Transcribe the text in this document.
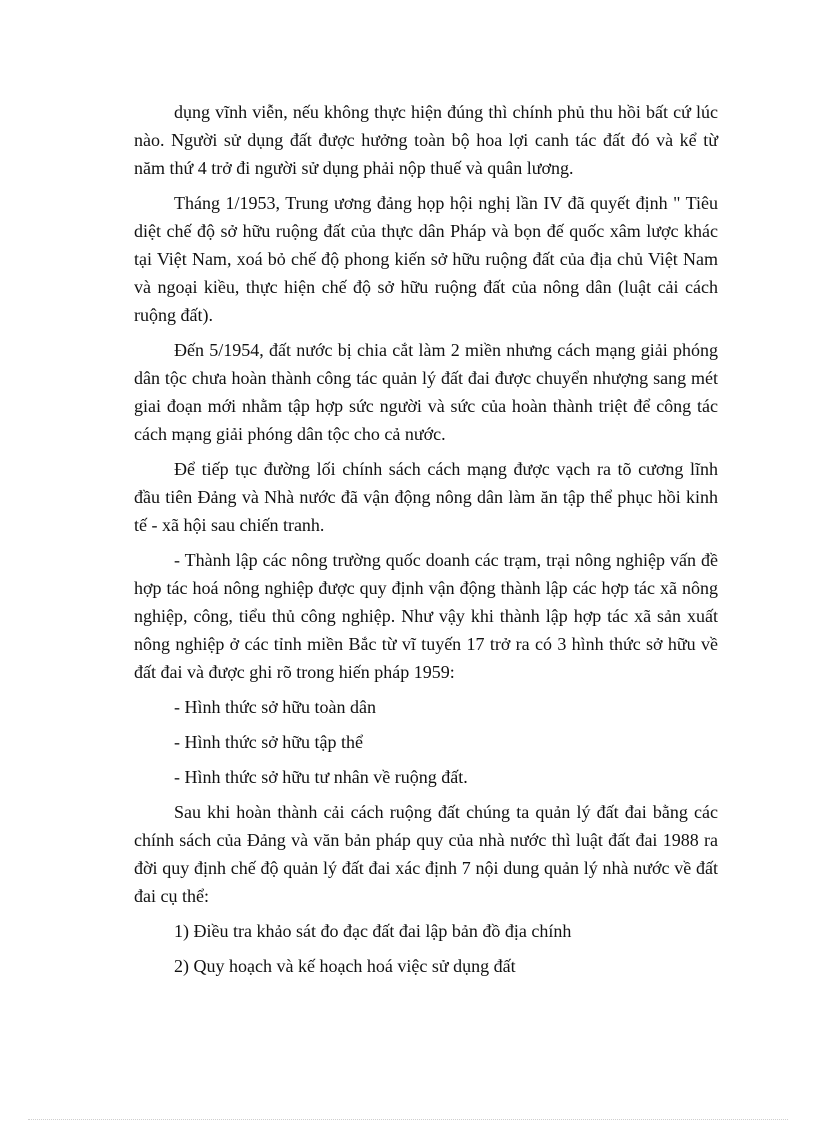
dụng vĩnh viễn, nếu không thực hiện đúng thì chính phủ thu hồi bất cứ lúc nào. Người sử dụng đất được hưởng toàn bộ hoa lợi canh tác đất đó và kể từ năm thứ 4 trở đi người sử dụng phải nộp thuế và quân lương.

Tháng 1/1953, Trung ương đảng họp hội nghị lần IV đã quyết định " Tiêu diệt chế độ sở hữu ruộng đất của thực dân Pháp và bọn đế quốc xâm lược khác tại Việt Nam, xoá bỏ chế độ phong kiến sở hữu ruộng đất của địa chủ Việt Nam và ngoại kiều, thực hiện chế độ sở hữu ruộng đất của nông dân (luật cải cách ruộng đất).

Đến 5/1954, đất nước bị chia cắt làm 2 miền nhưng cách mạng giải phóng dân tộc chưa hoàn thành công tác quản lý đất đai được chuyển nhượng sang mét giai đoạn mới nhằm tập hợp sức người và sức của hoàn thành triệt để công tác cách mạng giải phóng dân tộc cho cả nước.

Để tiếp tục đường lối chính sách cách mạng được vạch ra tõ cương lĩnh đầu tiên Đảng và Nhà nước đã vận động nông dân làm ăn tập thể phục hồi kinh tế - xã hội sau chiến tranh.

- Thành lập các nông trường quốc doanh các trạm, trại nông nghiệp vấn đề hợp tác hoá nông nghiệp được quy định vận động thành lập các hợp tác xã nông nghiệp, công, tiểu thủ công nghiệp. Như vậy khi thành lập hợp tác xã sản xuất nông nghiệp ở các tỉnh miền Bắc từ vĩ tuyến 17 trở ra có 3 hình thức sở hữu về đất đai và được ghi rõ trong hiến pháp 1959:

- Hình thức sở hữu toàn dân

- Hình thức sở hữu tập thể

- Hình thức sở hữu tư nhân về ruộng đất.

Sau khi hoàn thành cải cách ruộng đất chúng ta quản lý đất đai bằng các chính sách của Đảng và văn bản pháp quy của nhà nước thì luật đất đai 1988 ra đời quy định chế độ quản lý đất đai xác định 7 nội dung quản lý nhà nước về đất đai cụ thể:

1) Điều tra khảo sát đo đạc đất đai lập bản đồ địa chính

2) Quy hoạch và kế hoạch hoá việc sử dụng đất
